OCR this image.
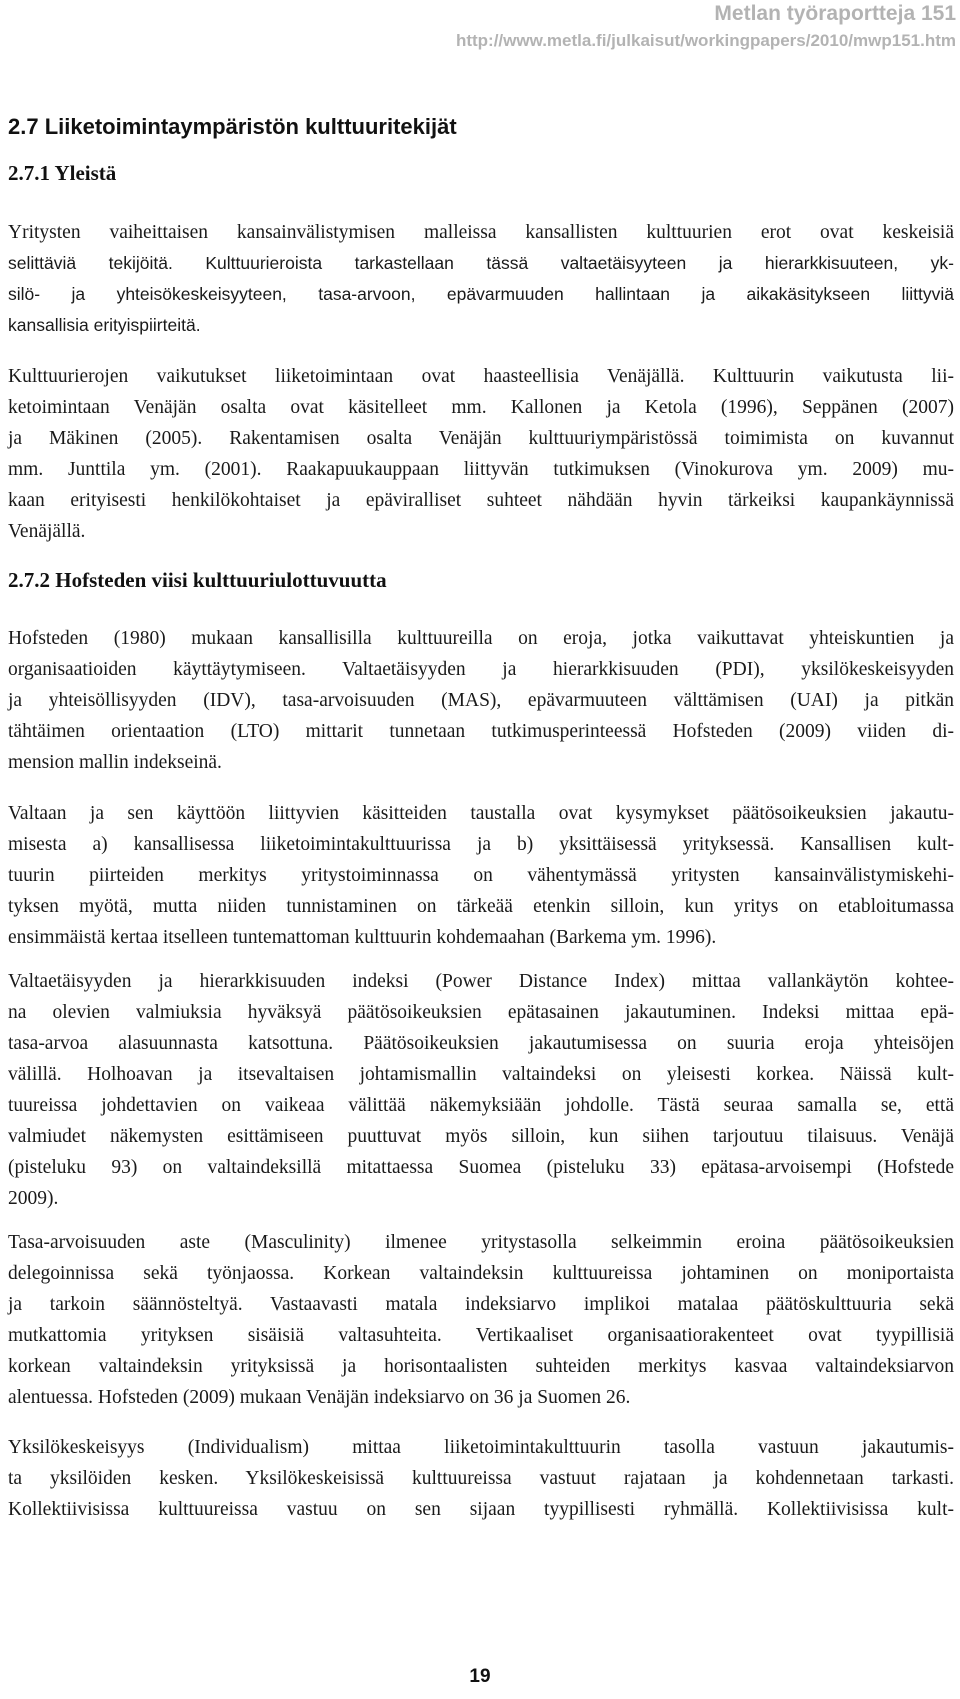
Metlan työraportteja 151
http://www.metla.fi/julkaisut/workingpapers/2010/mwp151.htm
2.7 Liiketoimintaympäristön kulttuuritekijät
2.7.1 Yleistä

Yritysten vaiheittaisen kansainvälistymisen malleissa kansallisten kulttuurien erot ovat keskeisiä
selittäviä tekijöitä. Kulttuurieroista tarkastellaan tässä valtaetäisyyteen ja hierarkkisuuteen, yk-
silö- ja yhteisökeskeisyyteen, tasa-arvoon, epävarmuuden hallintaan ja aikakäsitykseen liittyviä
kansallisia erityispiirteitä.

Kulttuurierojen vaikutukset liiketoimintaan ovat haasteellisia Venäjällä. Kulttuurin vaikutusta lii-
ketoimintaan Venäjän osalta ovat käsitelleet mm. Kallonen ja Ketola (1996), Seppänen (2007)
ja Mäkinen (2005). Rakentamisen osalta Venäjän kulttuuriympäristössä toimimista on kuvannut
mm. Junttila ym. (2001). Raakapuukauppaan liittyvän tutkimuksen (Vinokurova ym. 2009) mu-
kaan erityisesti henkilökohtaiset ja epäviralliset suhteet nähdään hyvin tärkeiksi kaupankäynnissä
Venäjällä.

2.7.2 Hofsteden viisi kulttuuriulottuvuutta

Hofsteden (1980) mukaan kansallisilla kulttuureilla on eroja, jotka vaikuttavat yhteiskuntien ja
organisaatioiden käyttäytymiseen. Valtaetäisyyden ja hierarkkisuuden (PDI), yksilökeskeisyyden
ja yhteisöllisyyden (IDV), tasa-arvoisuuden (MAS), epävarmuuteen välttämisen (UAI) ja pitkän
tähtäimen orientaation (LTO) mittarit tunnetaan tutkimusperinteessä Hofsteden (2009) viiden di-
mension mallin indekseinä.

Valtaan ja sen käyttöön liittyvien käsitteiden taustalla ovat kysymykset päätösoikeuksien jakautu-
misesta a) kansallisessa liiketoimintakulttuurissa ja b) yksittäisessä yrityksessä. Kansallisen kult-
tuurin piirteiden merkitys yritystoiminnassa on vähentymässä yritysten kansainvälistymiskehi-
tyksen myötä, mutta niiden tunnistaminen on tärkeää etenkin silloin, kun yritys on etabloitumassa
ensimmäistä kertaa itselleen tuntemattoman kulttuurin kohdemaahan (Barkema ym. 1996).

Valtaetäisyyden ja hierarkkisuuden indeksi (Power Distance Index) mittaa vallankäytön kohtee-
na olevien valmiuksia hyväksyä päätösoikeuksien epätasainen jakautuminen. Indeksi mittaa epä-
tasa-arvoa alasuunnasta katsottuna. Päätösoikeuksien jakautumisessa on suuria eroja yhteisöjen
välillä. Holhoavan ja itsevaltaisen johtamismallin valtaindeksi on yleisesti korkea. Näissä kult-
tuureissa johdettavien on vaikeaa välittää näkemyksiään johdolle. Tästä seuraa samalla se, että
valmiudet näkemysten esittämiseen puuttuvat myös silloin, kun siihen tarjoutuu tilaisuus. Venäjä
(pisteluku 93) on valtaindeksillä mitattaessa Suomea (pisteluku 33) epätasa-arvoisempi (Hofstede
2009).

Tasa-arvoisuuden aste (Masculinity) ilmenee yritystasolla selkeimmin eroina päätösoikeuksien
delegoinnissa sekä työnjaossa. Korkean valtaindeksin kulttuureissa johtaminen on moniportaista
ja tarkoin säännösteltyä. Vastaavasti matala indeksiarvo implikoi matalaa päätöskulttuuria sekä
mutkattomia yrityksen sisäisiä valtasuhteita. Vertikaaliset organisaatiorakenteet ovat tyypillisiä
korkean valtaindeksin yrityksissä ja horisontaalisten suhteiden merkitys kasvaa valtaindeksiarvon
alentuessa. Hofsteden (2009) mukaan Venäjän indeksiarvo on 36 ja Suomen 26.

Yksilökeskeisyys (Individualism) mittaa liiketoimintakulttuurin tasolla vastuun jakautumis-
ta yksilöiden kesken. Yksilökeskeisissä kulttuureissa vastuut rajataan ja kohdennetaan tarkasti.
Kollektiivisissa kulttuureissa vastuu on sen sijaan tyypillisesti ryhmällä. Kollektiivisissa kult-

19
